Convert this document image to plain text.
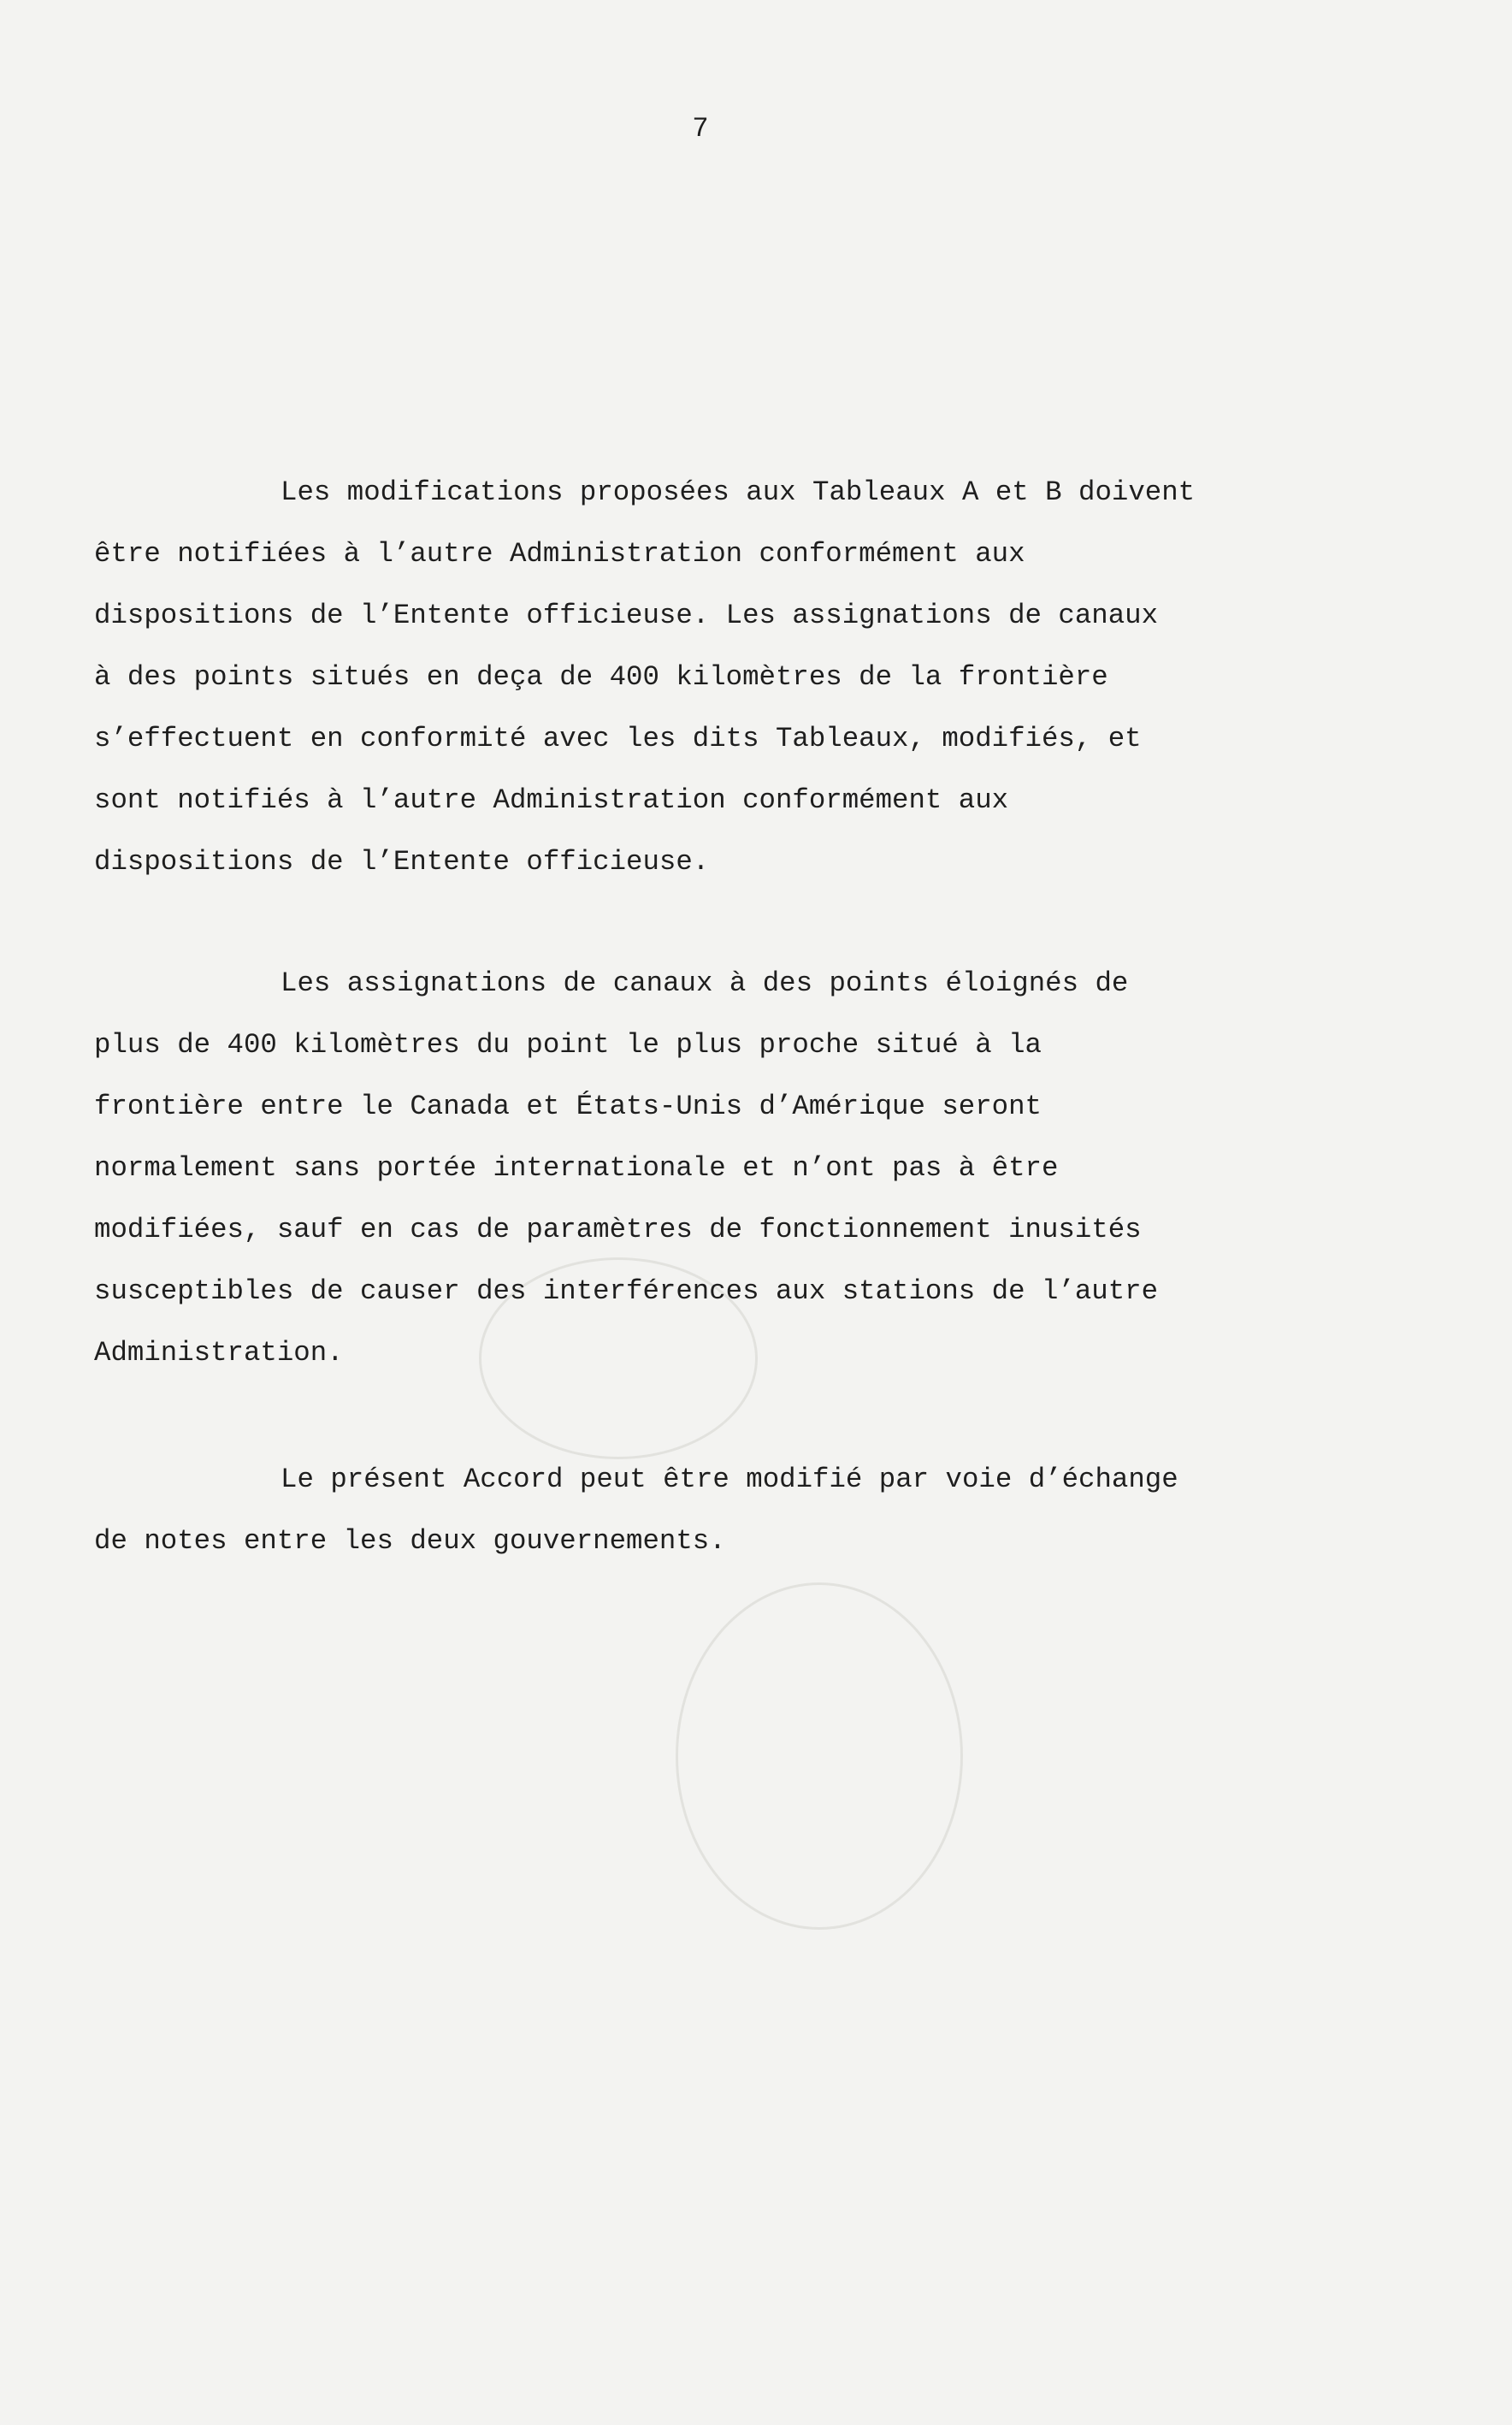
7
Les modifications proposées aux Tableaux A et B doivent
être notifiées à l’autre Administration conformément aux
dispositions de l’Entente officieuse. Les assignations de canaux
à des points situés en deça de 400 kilomètres de la frontière
s’effectuent en conformité avec les dits Tableaux, modifiés, et
sont notifiés à l’autre Administration conformément aux
dispositions de l’Entente officieuse.
Les assignations de canaux à des points éloignés de
plus de 400 kilomètres du point le plus proche situé à la
frontière entre le Canada et États-Unis d’Amérique seront
normalement sans portée internationale et n’ont pas à être
modifiées, sauf en cas de paramètres de fonctionnement inusités
susceptibles de causer des interférences aux stations de l’autre
Administration.
Le présent Accord peut être modifié par voie d’échange
de notes entre les deux gouvernements.
